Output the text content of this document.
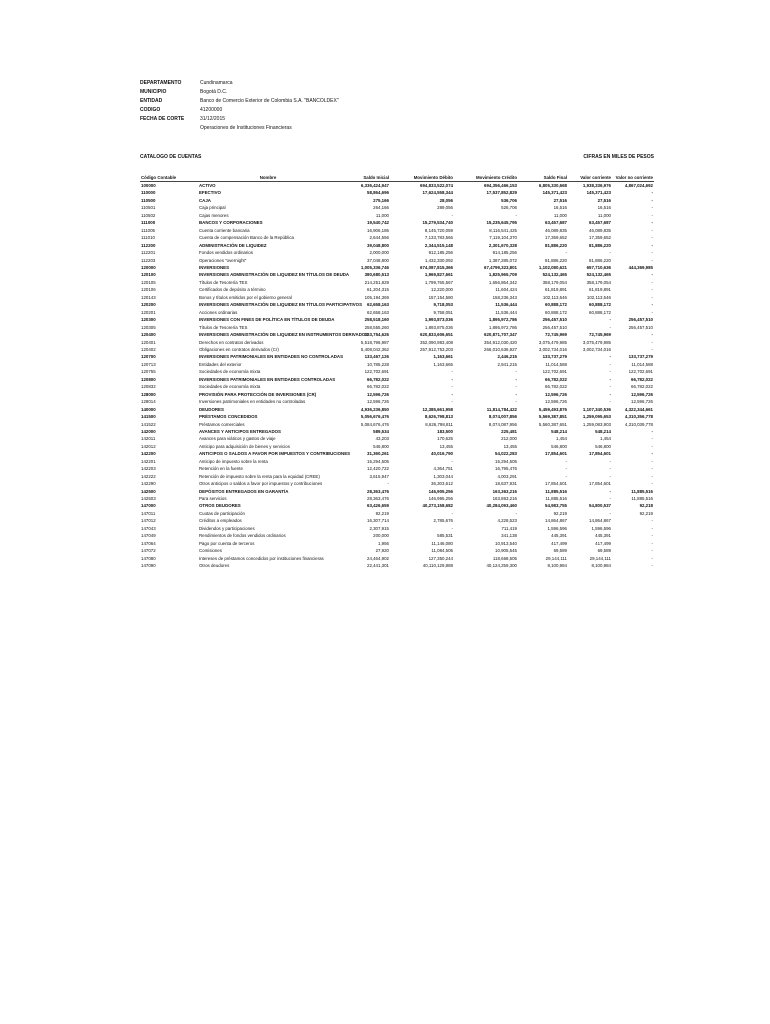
DEPARTAMENTO	Cundinamarca
MUNICIPIO	Bogotá D.C.
ENTIDAD	Banco de Comercio Exterior de Colombia S.A. "BANCOLDEX"
CODIGO	41200000
FECHA DE CORTE	31/12/2015
Operaciones de Instituciones Financieras
CATALOGO DE CUENTAS	CIFRAS EN MILES DE PESOS
Código Contable	Nombre	Saldo Inicial	Movimiento Débito	Movimiento Crédito	Saldo Final	Valor corriente	Valor no corriente
100000	ACTIVO	6,336,424,947	694,833,522,074	694,356,466,153	6,805,330,668	1,938,336,976	4,867,024,692
110000	EFECTIVO	58,864,696	17,624,558,344	17,537,852,829	145,371,423	145,371,423	-
110500	CAJA	275,166	28,056	536,706	27,516	27,516	-
110501	Caja principal	264,166	289,056	526,706	16,516	16,516	-
110502	Cajas menores	11,000	-	-	11,000	11,000	-
111000	BANCOS Y CORPORACIONES	19,540,742	15,279,534,740	15,235,645,795	63,457,687	63,457,687	-
111005	Cuenta corriente bancaria	16,906,186	8,145,720,059	8,116,541,425	46,089,835	46,089,835	-
111010	Cuenta de compensación Banco de la República	2,644,556	7,133,783,566	7,119,104,370	17,359,652	17,359,652	-
112200	ADMINISTRACIÓN DE LIQUIDEZ	39,048,800	2,344,515,148	2,301,670,328	81,886,220	81,886,220	-
112201	Fondos vendidos ordinarios	2,000,000	912,185,256	914,185,256	-	-	-
112203	Operaciones "overnight"	37,048,800	1,432,330,092	1,387,285,072	81,886,220	81,886,220	-
120000	INVERSIONES	1,005,336,746	674,087,815,366	67,4799,323,801	1,102,080,621	657,710,636	444,369,985
120100	INVERSIONES ADMINISTRACIÓN DE LIQUIDEZ EN TÍTULOS DE DEUDA	380,680,513	1,969,827,661	1,825,965,709	524,132,465	524,132,465	-
120105	Títulos de Tesorería TES	214,251,829	1,799,765,567	1,656,864,342	358,179,054	358,179,054	-
120106	Certificados de depósito a término	61,204,315	12,220,000	11,604,424	61,819,891	61,819,891	-
120143	Bonos y títulos emitidos por el gobierno general	105,194,369	157,154,580	158,236,343	102,113,546	102,113,546	-
120200	INVERSIONES ADMINISTRACIÓN DE LIQUIDEZ EN TÍTULOS PARTICIPATIVOS	62,658,163	9,718,053	11,536,444	60,888,172	60,888,172	-
120201	Acciones ordinarias	62,658,163	9,758,051	11,536,444	60,888,172	60,888,172	-
120300	INVERSIONES CON FINES DE POLÍTICA EN TÍTULOS DE DEUDA	258,518,160	1,993,873,036	1,895,972,786	256,457,510	-	256,457,510
120305	Títulos de Tesorería TES	258,555,260	1,893,875,036	1,895,972,786	256,457,510	-	256,457,510
120400	INVERSIONES ADMINISTRACIÓN DE LIQUIDEZ EN INSTRUMENTOS DERIVADOS	133,754,626	620,833,606,651	620,871,707,347	72,745,969	72,745,969	-
120401	Derechos en contratos derivados	5,518,796,987	352,090,983,408	354,912,030,420	3,075,479,985	3,075,479,985	-
120402	Obligaciones en contratos derivados (Cr)	5,408,042,362	257,912,753,203	266,010,636,927	3,002,734,016	3,002,734,016	-
120700	INVERSIONES PATRIMONIALES EN ENTIDADES NO CONTROLADAS	133,467,126	1,163,661	2,446,215	133,737,279	-	133,737,279
120713	Entidades del exterior	10,785,228	1,163,665	2,941,215	11,014,588	-	11,014,588
120755	Sociedades de economía mixta	122,702,691	-	-	122,702,691	-	122,702,691
120800	INVERSIONES PATRIMONIALES EN ENTIDADES CONTROLADAS	66,782,022	-	-	66,782,022	-	66,782,022
120832	Sociedades de economía mixta	66,782,022	-	-	66,782,022	-	66,782,022
128000	PROVISIÓN PARA PROTECCIÓN DE INVERSIONES (CR)	12,596,726	-	-	12,596,726	-	12,596,726
128014	Inversiones patrimoniales en entidades no controladas	12,596,726	-	-	12,596,726	-	12,596,726
140000	DEUDORES	4,936,236,850	12,385,661,958	11,814,784,422	5,459,493,876	1,107,340,536	4,322,344,661
141500	PRÉSTAMOS CONCEDIDOS	5,056,676,476	8,626,798,813	8,074,007,856	5,569,387,851	1,259,095,653	4,310,356,778
141522	Préstamos comerciales	5,084,676,476	8,626,798,811	8,074,087,956	5,560,387,651	1,259,083,903	4,310,039,778
142000	AVANCES Y ANTICIPOS ENTREGADOS	589,534	183,500	225,481	548,214	548,214	-
142011	Avances para viáticos y gastos de viaje	43,203	170,625	212,000	1,454	1,454	-
142012	Anticipo para adquisición de bienes y servicios	546,800	13,455	13,455	546,800	546,800	-
142200	ANTICIPOS O SALDOS A FAVOR POR IMPUESTOS Y CONTRIBUCIONES	31,360,261	40,016,790	54,022,283	17,854,601	17,854,601	-
142201	Anticipo de impuesto sobre la renta	15,294,505	-	15,294,505	-	-	-
142203	Retención en la fuente	12,420,722	4,364,751	16,795,476	-	-	-
142222	Retención de impuesto sobre la renta para la equidad (CREE)	3,615,947	1,303,044	4,003,291	-	-	-
142290	Otros anticipos o saldos a favor por impuestos y contribuciones	-	36,303,612	18,637,931	17,854,601	17,854,601	-
142500	DEPÓSITOS ENTREGADOS EN GARANTÍA	28,363,476	146,905,256	163,363,216	11,885,516	-	11,885,516
142503	Para servicios	28,363,476	146,995,256	163,863,216	11,885,516	-	11,885,516
147000	OTROS DEUDORES	63,426,659	40,273,158,682	40,284,093,460	54,983,755	54,800,537	92,218
147011	Cuotas de participación	92,219	-	-	92,219	-	92,219
147012	Créditos a empleados	16,307,714	2,785,676	4,228,523	14,864,867	14,864,867	-
147043	Dividendos y participaciones	2,307,915	-	711,419	1,596,596	1,596,596	-
147049	Rendimientos de fondos vendidos ordinarios	200,000	585,531	341,138	445,391	445,391	-
147064	Pago por cuenta de terceros	1,956	11,146,080	10,913,540	417,499	417,499	-
147072	Comisiones	27,920	11,084,505	10,905,545	69,589	69,589	-
147080	Intereses de préstamos concedidos por instituciones financieras	24,464,902	127,350,244	118,668,505	29,144,111	29,144,111	-
147090	Otros deudores	22,441,301	40,110,129,888	40,124,259,300	8,100,984	8,100,984	-
